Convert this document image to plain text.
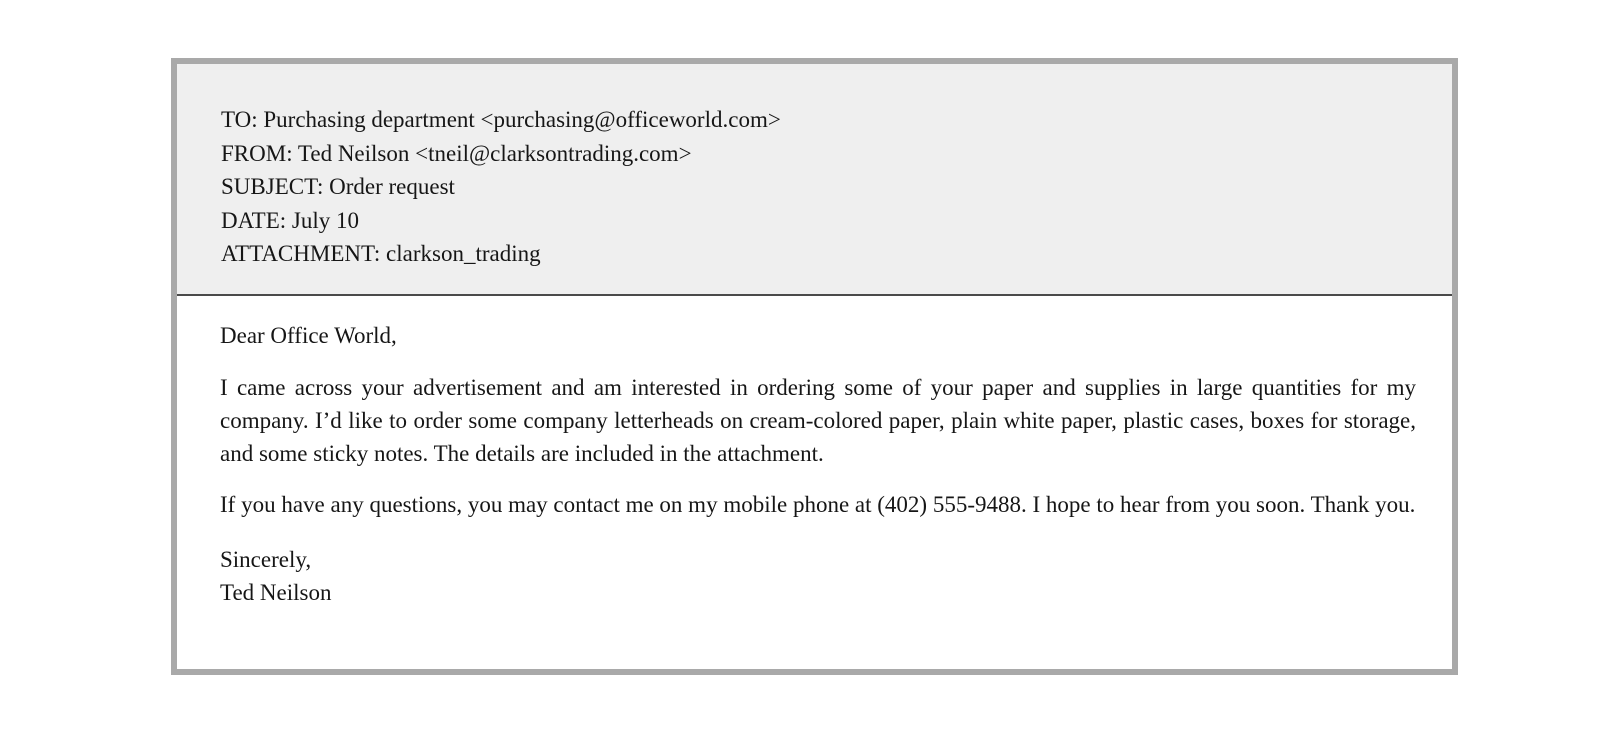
TO: Purchasing department <purchasing@officeworld.com>
FROM: Ted Neilson <tneil@clarksontrading.com>
SUBJECT: Order request
DATE: July 10
ATTACHMENT: clarkson_trading

Dear Office World,

I came across your advertisement and am interested in ordering some of your paper and supplies in large quantities for my company. I’d like to order some company letterheads on cream-colored paper, plain white paper, plastic cases, boxes for storage, and some sticky notes. The details are included in the attachment.

If you have any questions, you may contact me on my mobile phone at (402) 555-9488. I hope to hear from you soon. Thank you.

Sincerely,

Ted Neilson
